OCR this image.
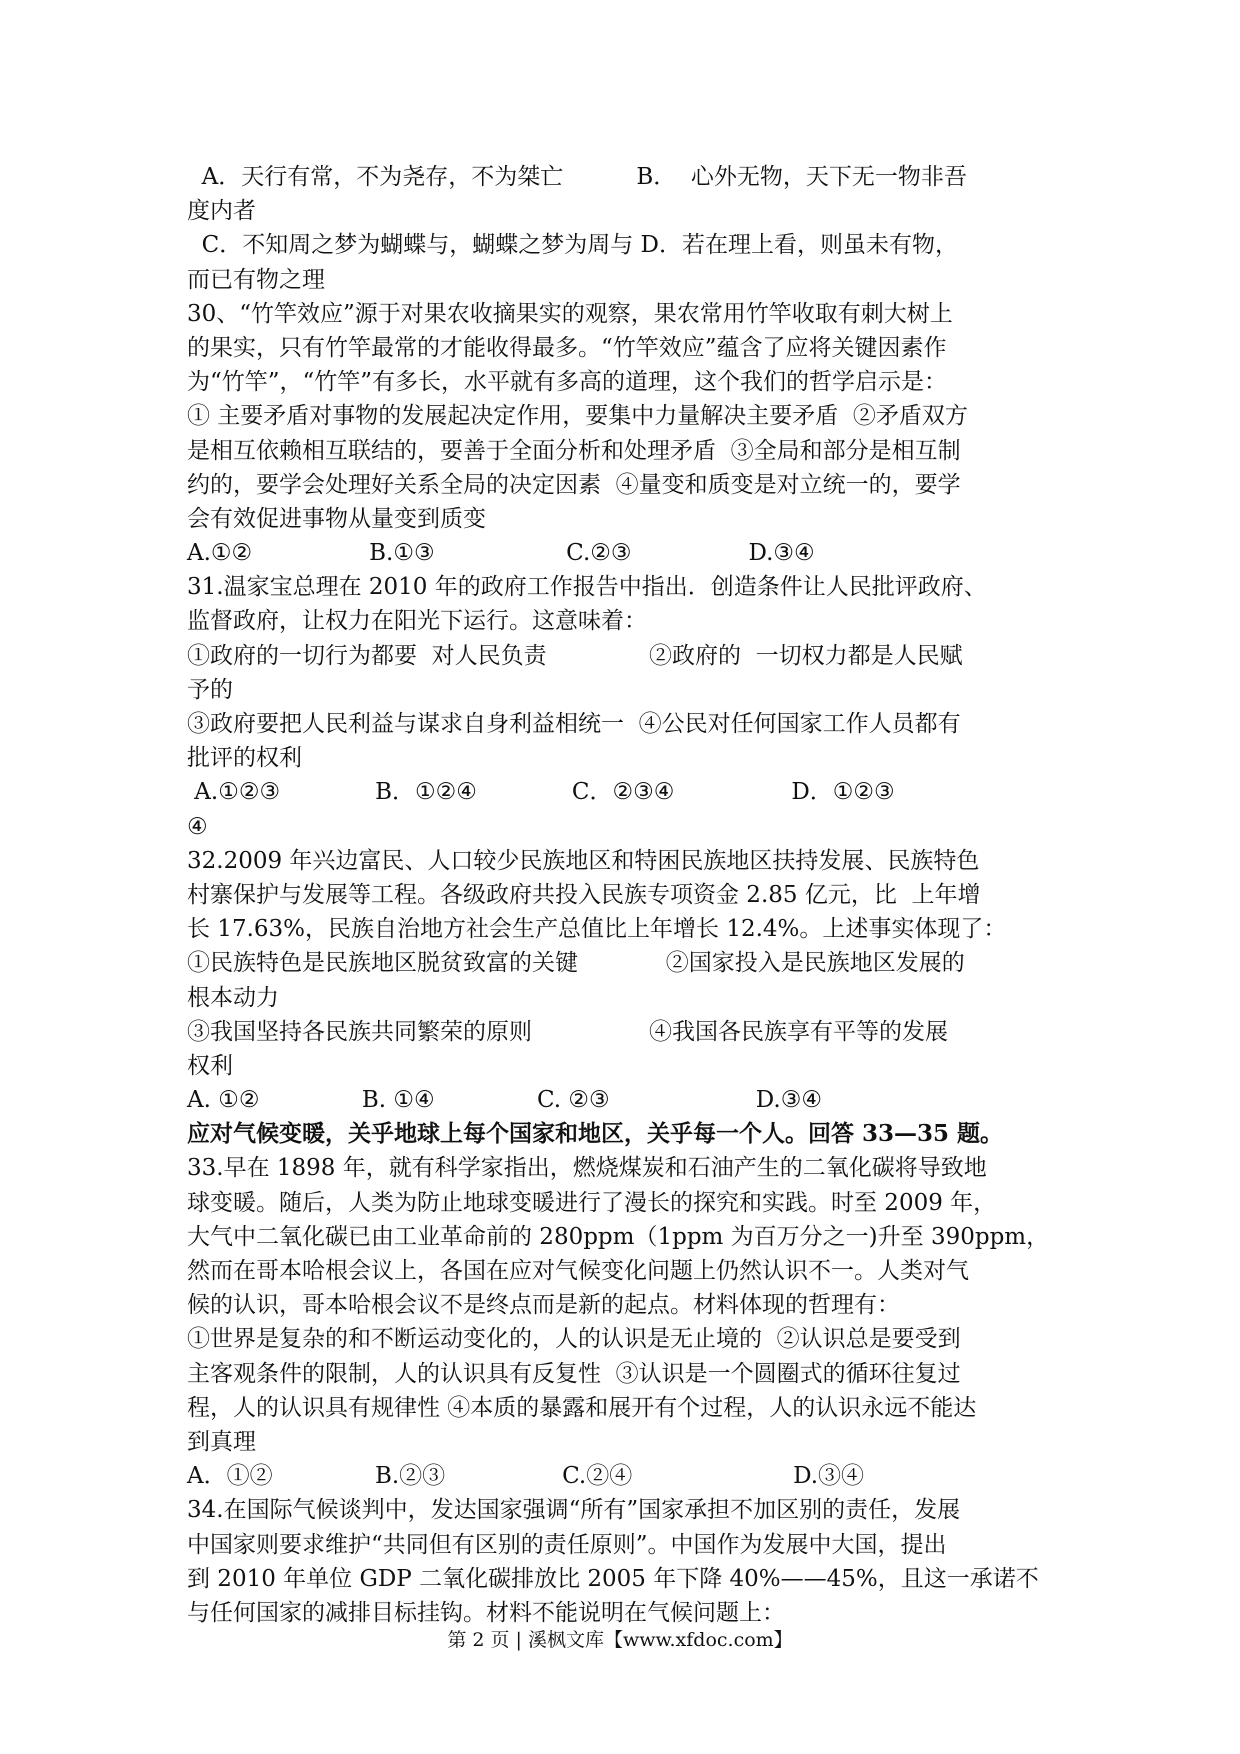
A．天行有常，不为尧存，不为桀亡          B．  心外无物，天下无一物非吾
度内者
C．不知周之梦为蝴蝶与，蝴蝶之梦为周与 D．若在理上看，则虽未有物，
而已有物之理
30、“竹竿效应”源于对果农收摘果实的观察，果农常用竹竿收取有刺大树上
的果实，只有竹竿最常的才能收得最多。“竹竿效应”蕴含了应将关键因素作
为“竹竿”，“竹竿”有多长，水平就有多高的道理，这个我们的哲学启示是：
① 主要矛盾对事物的发展起决定作用，要集中力量解决主要矛盾  ②矛盾双方
是相互依赖相互联结的，要善于全面分析和处理矛盾  ③全局和部分是相互制
约的，要学会处理好关系全局的决定因素  ④量变和质变是对立统一的，要学
会有效促进事物从量变到质变
A.①②                B.①③                  C.②③                D.③④
31.温家宝总理在 2010 年的政府工作报告中指出．创造条件让人民批评政府、
监督政府，让权力在阳光下运行。这意味着：
①政府的一切行为都要  对人民负责              ②政府的  一切权力都是人民赋
予的
③政府要把人民利益与谋求自身利益相统一  ④公民对任何国家工作人员都有
批评的权利
A.①②③             B．①②④             C．②③④                D．①②③
④
32.2009 年兴边富民、人口较少民族地区和特困民族地区扶持发展、民族特色
村寨保护与发展等工程。各级政府共投入民族专项资金 2.85 亿元，比  上年增
长 17.63%，民族自治地方社会生产总值比上年增长 12.4%。上述事实体现了：
①民族特色是民族地区脱贫致富的关键            ②国家投入是民族地区发展的
根本动力
③我国坚持各民族共同繁荣的原则                ④我国各民族享有平等的发展
权利
A. ①②              B. ①④              C. ②③                    D.③④
应对气候变暖，关乎地球上每个国家和地区，关乎每一个人。回答 33—35 题。
33.早在 1898 年，就有科学家指出，燃烧煤炭和石油产生的二氧化碳将导致地
球变暖。随后，人类为防止地球变暖进行了漫长的探究和实践。时至 2009 年，
大气中二氧化碳已由工业革命前的 280ppm（1ppm 为百万分之一)升至 390ppm，
然而在哥本哈根会议上，各国在应对气候变化问题上仍然认识不一。人类对气
候的认识，哥本哈根会议不是终点而是新的起点。材料体现的哲理有：
①世界是复杂的和不断运动变化的，人的认识是无止境的  ②认识总是要受到
主客观条件的限制，人的认识具有反复性  ③认识是一个圆圈式的循环往复过
程，人的认识具有规律性 ④本质的暴露和展开有个过程，人的认识永远不能达
到真理
A．①②              B.②③                C.②④                      D.③④
34.在国际气候谈判中，发达国家强调“所有”国家承担不加区别的责任，发展
中国家则要求维护“共同但有区别的责任原则”。中国作为发展中大国，提出
到 2010 年单位 GDP 二氧化碳排放比 2005 年下降 40%——45%，且这一承诺不
与任何国家的减排目标挂钩。材料不能说明在气候问题上：
第 2 页 | 溪枫文库【www.xfdoc.com】
